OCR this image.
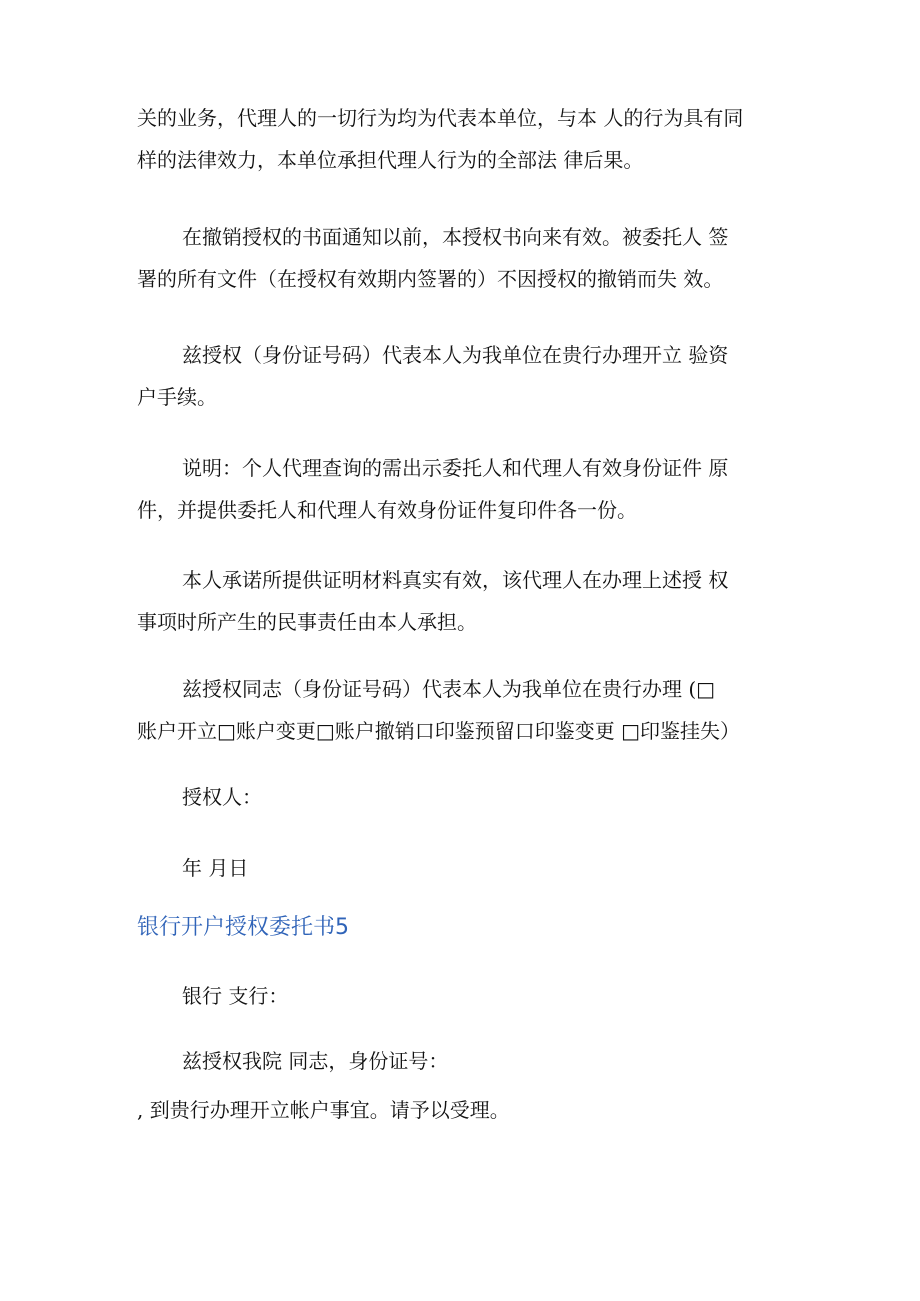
关的业务，代理人的一切行为均为代表本单位，与本 人的行为具有同
样的法律效力，本单位承担代理人行为的全部法 律后果。

在撤销授权的书面通知以前，本授权书向来有效。被委托人 签
署的所有文件（在授权有效期内签署的）不因授权的撤销而失 效。

兹授权（身份证号码）代表本人为我单位在贵行办理开立 验资
户手续。

说明：个人代理查询的需出示委托人和代理人有效身份证件 原
件，并提供委托人和代理人有效身份证件复印件各一份。

本人承诺所提供证明材料真实有效，该代理人在办理上述授 权
事项时所产生的民事责任由本人承担。

兹授权同志（身份证号码）代表本人为我单位在贵行办理 (□
账户开立□账户变更□账户撤销口印鉴预留口印鉴变更 □印鉴挂失）

授权人：

年 月日

银行开户授权委托书5

银行 支行：

兹授权我院 同志，身份证号：

, 到贵行办理开立帐户事宜。请予以受理。
